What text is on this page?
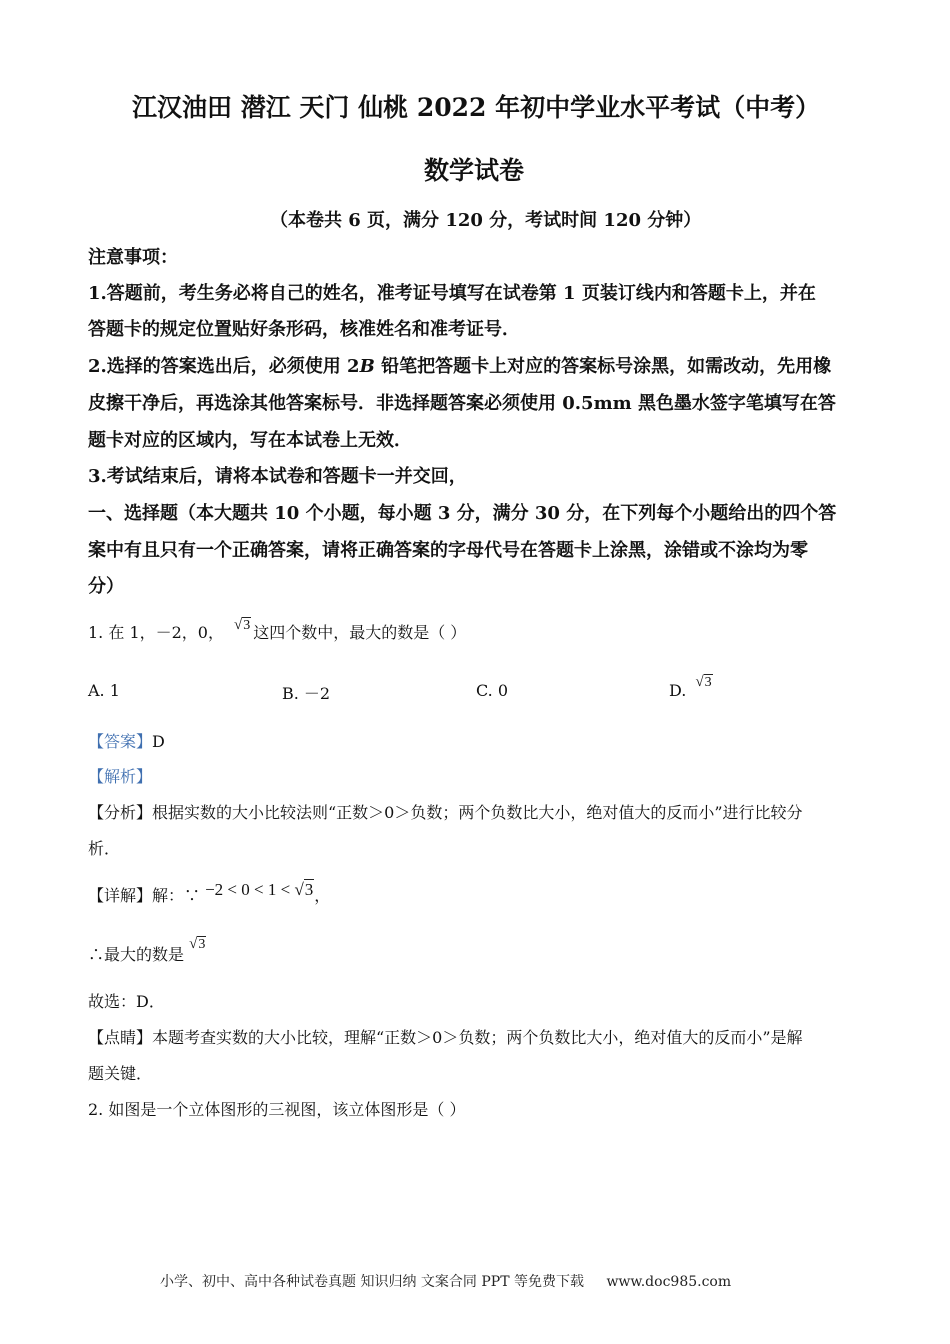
江汉油田 潜江 天门 仙桃 2022 年初中学业水平考试（中考）
数学试卷
（本卷共 6 页，满分 120 分，考试时间 120 分钟）
注意事项：
1.答题前，考生务必将自己的姓名，准考证号填写在试卷第 1 页装订线内和答题卡上，并在
答题卡的规定位置贴好条形码，核准姓名和准考证号．
2.选择的答案选出后，必须使用 2B 铅笔把答题卡上对应的答案标号涂黑，如需改动，先用橡
皮擦干净后，再选涂其他答案标号．非选择题答案必须使用 0.5mm 黑色墨水签字笔填写在答
题卡对应的区域内，写在本试卷上无效．
3.考试结束后，请将本试卷和答题卡一并交回，
一、选择题（本大题共 10 个小题，每小题 3 分，满分 30 分，在下列每个小题给出的四个答
案中有且只有一个正确答案，请将正确答案的字母代号在答题卡上涂黑，涂错或不涂均为零
分）
1. 在 1，－2，0， √3 这四个数中，最大的数是（ ）
A. 1	B. －2	C. 0	D. √3
【答案】D
【解析】
【分析】根据实数的大小比较法则“正数＞0＞负数；两个负数比大小，绝对值大的反而小”进行比较分
析．
【详解】解：∵ −2 < 0 < 1 < √3，
∴最大的数是 √3
故选：D．
【点睛】本题考查实数的大小比较，理解“正数＞0＞负数；两个负数比大小，绝对值大的反而小”是解
题关键．
2. 如图是一个立体图形的三视图，该立体图形是（ ）
小学、初中、高中各种试卷真题 知识归纳 文案合同 PPT 等免费下载 www.doc985.com
